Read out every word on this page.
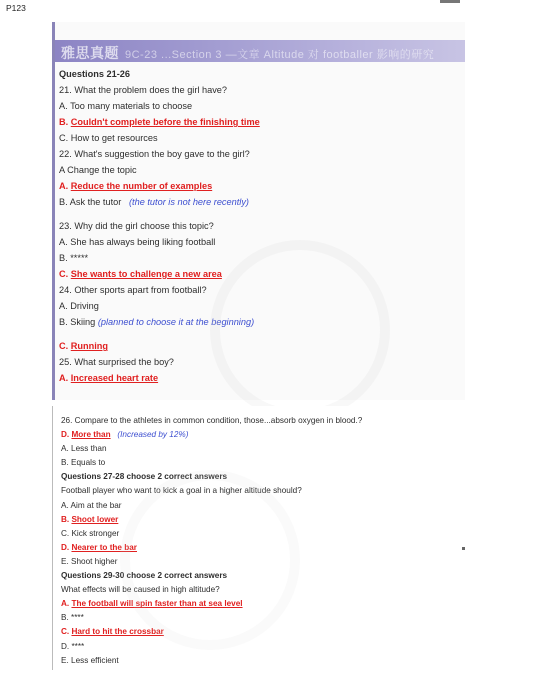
P123
雅思真题 9C-23 ...Section 3 —文章 Altitude 对 footballer 影响的研究
Questions 21-26
21. What the problem does the girl have?
A. Too many materials to choose
B. Couldn't complete before the finishing time
C. How to get resources
22. What's suggestion the boy gave to the girl?
A Change the topic
A. Reduce the number of examples
B. Ask the tutor (the tutor is not here recently)
23. Why did the girl choose this topic?
A. She has always being liking football
B. *****
C. She wants to challenge a new area
24. Other sports apart from football?
A. Driving
B. Skiing (planned to choose it at the beginning)
C. Running
25. What surprised the boy?
A. Increased heart rate
26. Compare to the athletes in common condition, those...absorb oxygen in blood.?
D. More than (Increased by 12%)
A. Less than
B. Equals to
Questions 27-28 choose 2 correct answers
Football player who want to kick a goal in a higher altitude should?
A. Aim at the bar
B. Shoot lower
C. Kick stronger
D. Nearer to the bar
E. Shoot higher
Questions 29-30 choose 2 correct answers
What effects will be caused in high altitude?
A. The football will spin faster than at sea level
B. ****
C. Hard to hit the crossbar
D. ****
E. Less efficient
